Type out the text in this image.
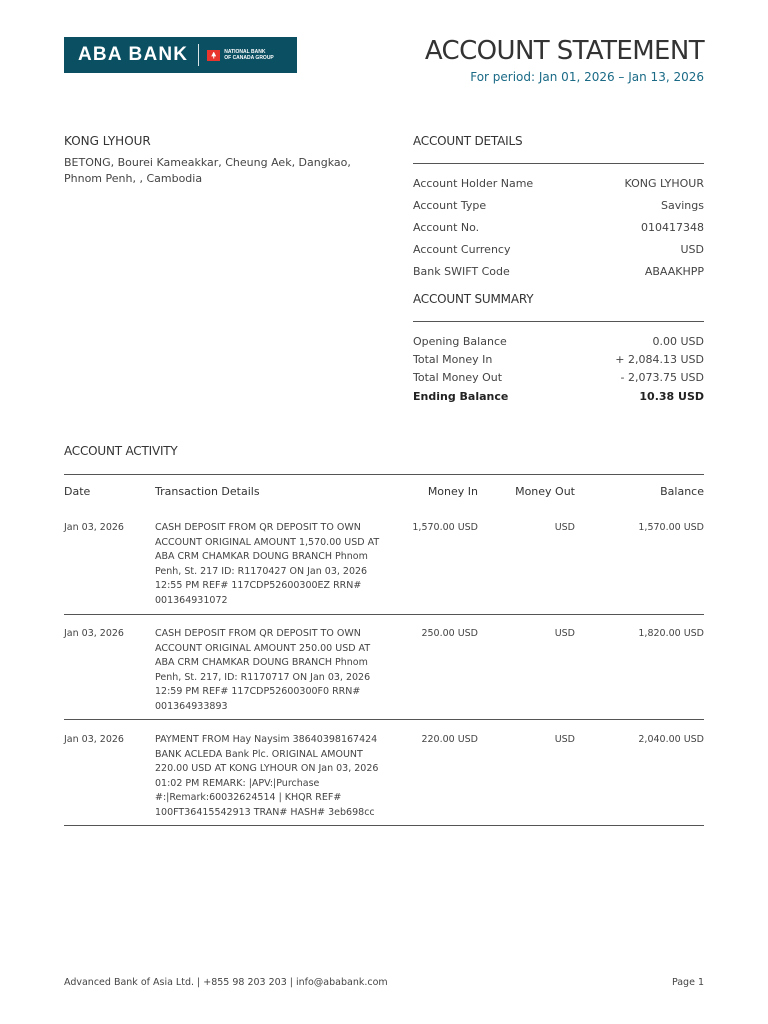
ABA BANK	NATIONAL BANK
OF CANADA GROUP	ACCOUNT STATEMENT
For period: Jan 01, 2026 – Jan 13, 2026
KONG LYHOUR
BETONG, Bourei Kameakkar, Cheung Aek, Dangkao, Phnom Penh, , Cambodia
ACCOUNT DETAILS
Account Holder Name	KONG LYHOUR
Account Type	Savings
Account No.	010417348
Account Currency	USD
Bank SWIFT Code	ABAAKHPP
ACCOUNT SUMMARY
Opening Balance	0.00 USD
Total Money In	+ 2,084.13 USD
Total Money Out	- 2,073.75 USD
Ending Balance	10.38 USD
ACCOUNT ACTIVITY
Date	Transaction Details	Money In	Money Out	Balance
Jan 03, 2026	CASH DEPOSIT FROM QR DEPOSIT TO OWN
ACCOUNT ORIGINAL AMOUNT 1,570.00 USD AT
ABA CRM CHAMKAR DOUNG BRANCH Phnom
Penh, St. 217 ID: R1170427 ON Jan 03, 2026
12:55 PM REF# 117CDP52600300EZ RRN#
001364931072
1,570.00 USD	USD	1,570.00 USD
Jan 03, 2026	CASH DEPOSIT FROM QR DEPOSIT TO OWN
ACCOUNT ORIGINAL AMOUNT 250.00 USD AT
ABA CRM CHAMKAR DOUNG BRANCH Phnom
Penh, St. 217, ID: R1170717 ON Jan 03, 2026
12:59 PM REF# 117CDP52600300F0 RRN#
001364933893
250.00 USD	USD	1,820.00 USD
Jan 03, 2026	PAYMENT FROM Hay Naysim 38640398167424
BANK ACLEDA Bank Plc. ORIGINAL AMOUNT
220.00 USD AT KONG LYHOUR ON Jan 03, 2026
01:02 PM REMARK: |APV:|Purchase
#:|Remark:60032624514 | KHQR REF#
100FT36415542913 TRAN# HASH# 3eb698cc
220.00 USD	USD	2,040.00 USD
Advanced Bank of Asia Ltd. | +855 98 203 203 | info@ababank.com	Page 1
